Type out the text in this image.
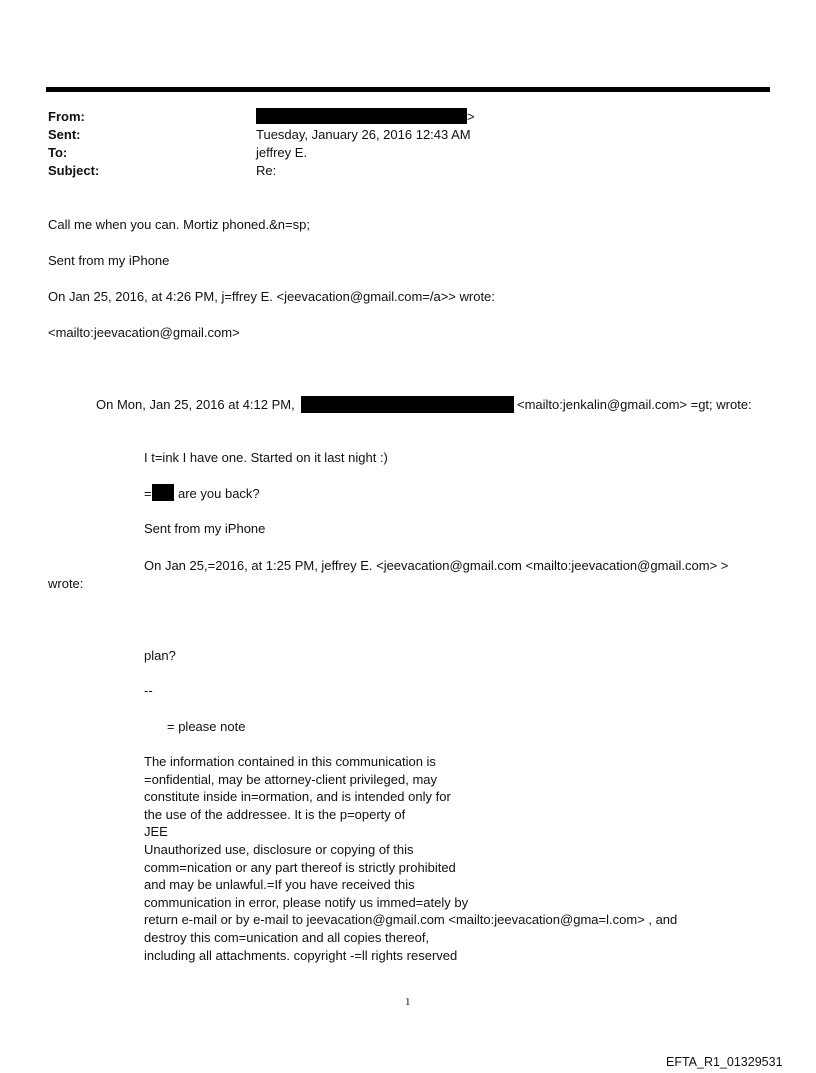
From:	>
Sent:	Tuesday, January 26, 2016 12:43 AM
To:	jeffrey E.
Subject:	Re:
Call me when you can. Mortiz phoned.&n=sp;
Sent from my iPhone
On Jan 25, 2016, at 4:26 PM, j=ffrey E. <jeevacation@gmail.com=/a>> wrote:
<mailto:jeevacation@gmail.com>
On Mon, Jan 25, 2016 at 4:12 PM,	<mailto:jenkalin@gmail.com> =gt; wrote:
I t=ink I have one. Started on it last night :)
= are you back?
Sent from my iPhone
On Jan 25,=2016, at 1:25 PM, jeffrey E. <jeevacation@gmail.com <mailto:jeevacation@gmail.com> >
wrote:
plan?
--
= please note
The information contained in this communication is
=onfidential, may be attorney-client privileged, may
constitute inside in=ormation, and is intended only for
the use of the addressee. It is the p=operty of
JEE
Unauthorized use, disclosure or copying of this
comm=nication or any part thereof is strictly prohibited
and may be unlawful.=If you have received this
communication in error, please notify us immed=ately by
return e-mail or by e-mail to jeevacation@gmail.com <mailto:jeevacation@gma=l.com> , and
destroy this com=unication and all copies thereof,
including all attachments. copyright -=ll rights reserved
1
EFTA_R1_01329531
